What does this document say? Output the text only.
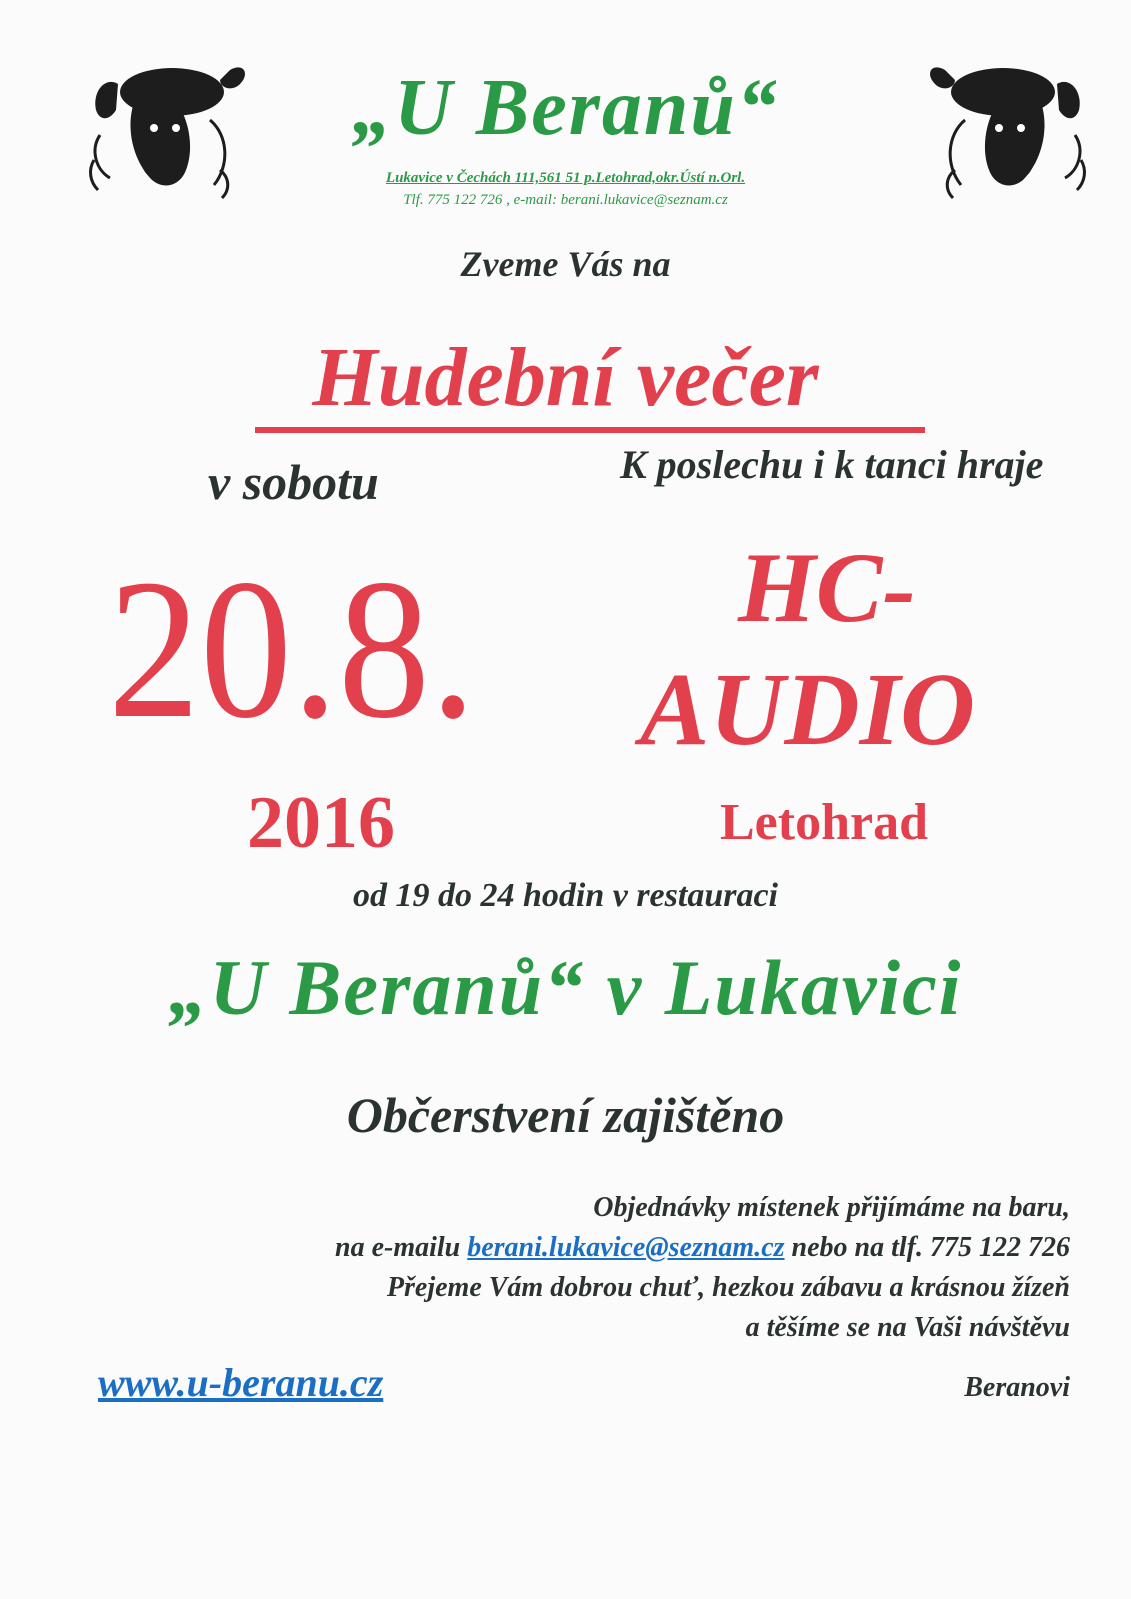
„U Beranů“
Lukavice v Čechách 111,561 51 p.Letohrad,okr.Ústí n.Orl.
Tlf. 775 122 726 , e-mail: berani.lukavice@seznam.cz
Zveme Vás na
Hudební večer
v sobotu
20.8.
2016
K poslechu i k tanci hraje
HC-
AUDIO
Letohrad
od 19 do 24 hodin v restauraci
„U Beranů“ v Lukavici
Občerstvení zajištěno
Objednávky místenek přijímáme na baru,
na e-mailu berani.lukavice@seznam.cz nebo na tlf. 775 122 726
Přejeme Vám dobrou chuť, hezkou zábavu a krásnou žízeň
a těšíme se na Vaši návštěvu
www.u-beranu.cz	Beranovi
